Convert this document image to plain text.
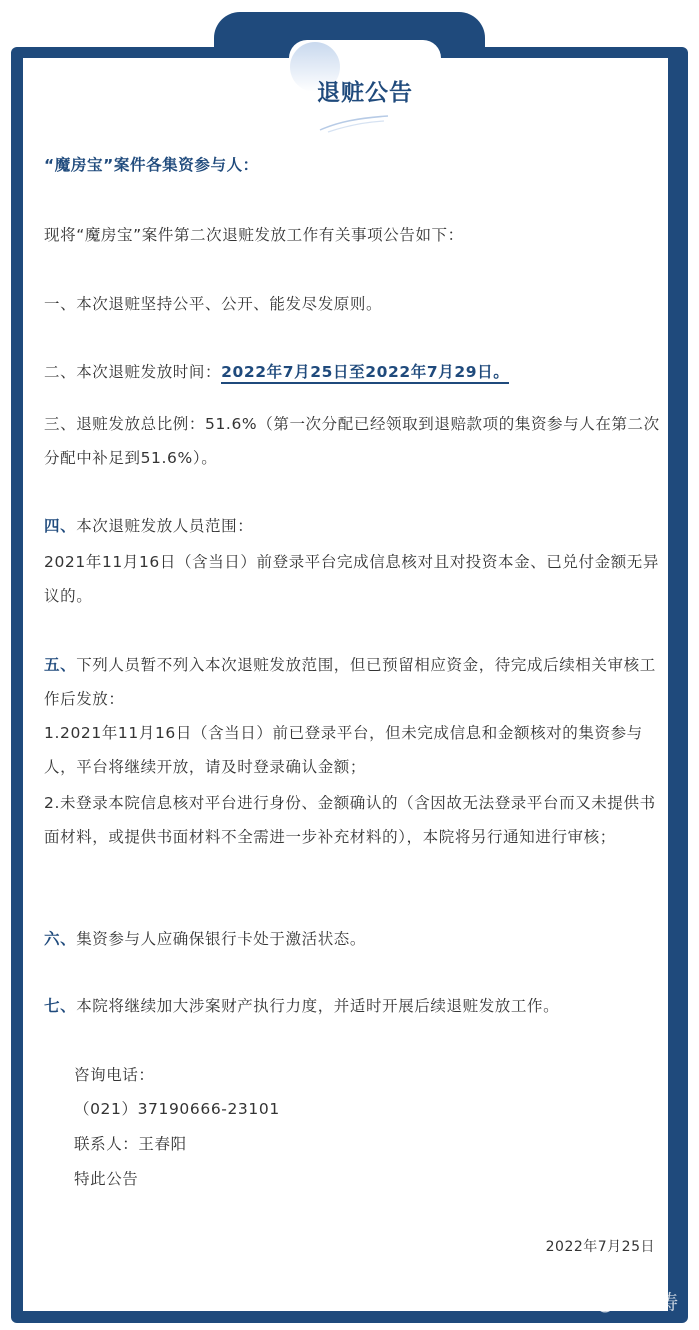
退赃公告

“魔房宝”案件各集资参与人：

现将“魔房宝”案件第二次退赃发放工作有关事项公告如下：

一、本次退赃坚持公平、公开、能发尽发原则。

二、本次退赃发放时间：2022年7月25日至2022年7月29日。

三、退赃发放总比例：51.6%（第一次分配已经领取到退赔款项的集资参与人在第二次分配中补足到51.6%）。

四、本次退赃发放人员范围：

2021年11月16日（含当日）前登录平台完成信息核对且对投资本金、已兑付金额无异议的。

五、下列人员暂不列入本次退赃发放范围，但已预留相应资金，待完成后续相关审核工作后发放：

1.2021年11月16日（含当日）前已登录平台，但未完成信息和金额核对的集资参与人，平台将继续开放，请及时登录确认金额；

2.未登录本院信息核对平台进行身份、金额确认的（含因故无法登录平台而又未提供书面材料，或提供书面材料不全需进一步补充材料的），本院将另行通知进行审核；

六、集资参与人应确保银行卡处于激活状态。

七、本院将继续加大涉案财产执行力度，并适时开展后续退赃发放工作。

咨询电话：

（021）37190666-23101

联系人：王春阳

特此公告

2022年7月25日
知乎 @金融涛
